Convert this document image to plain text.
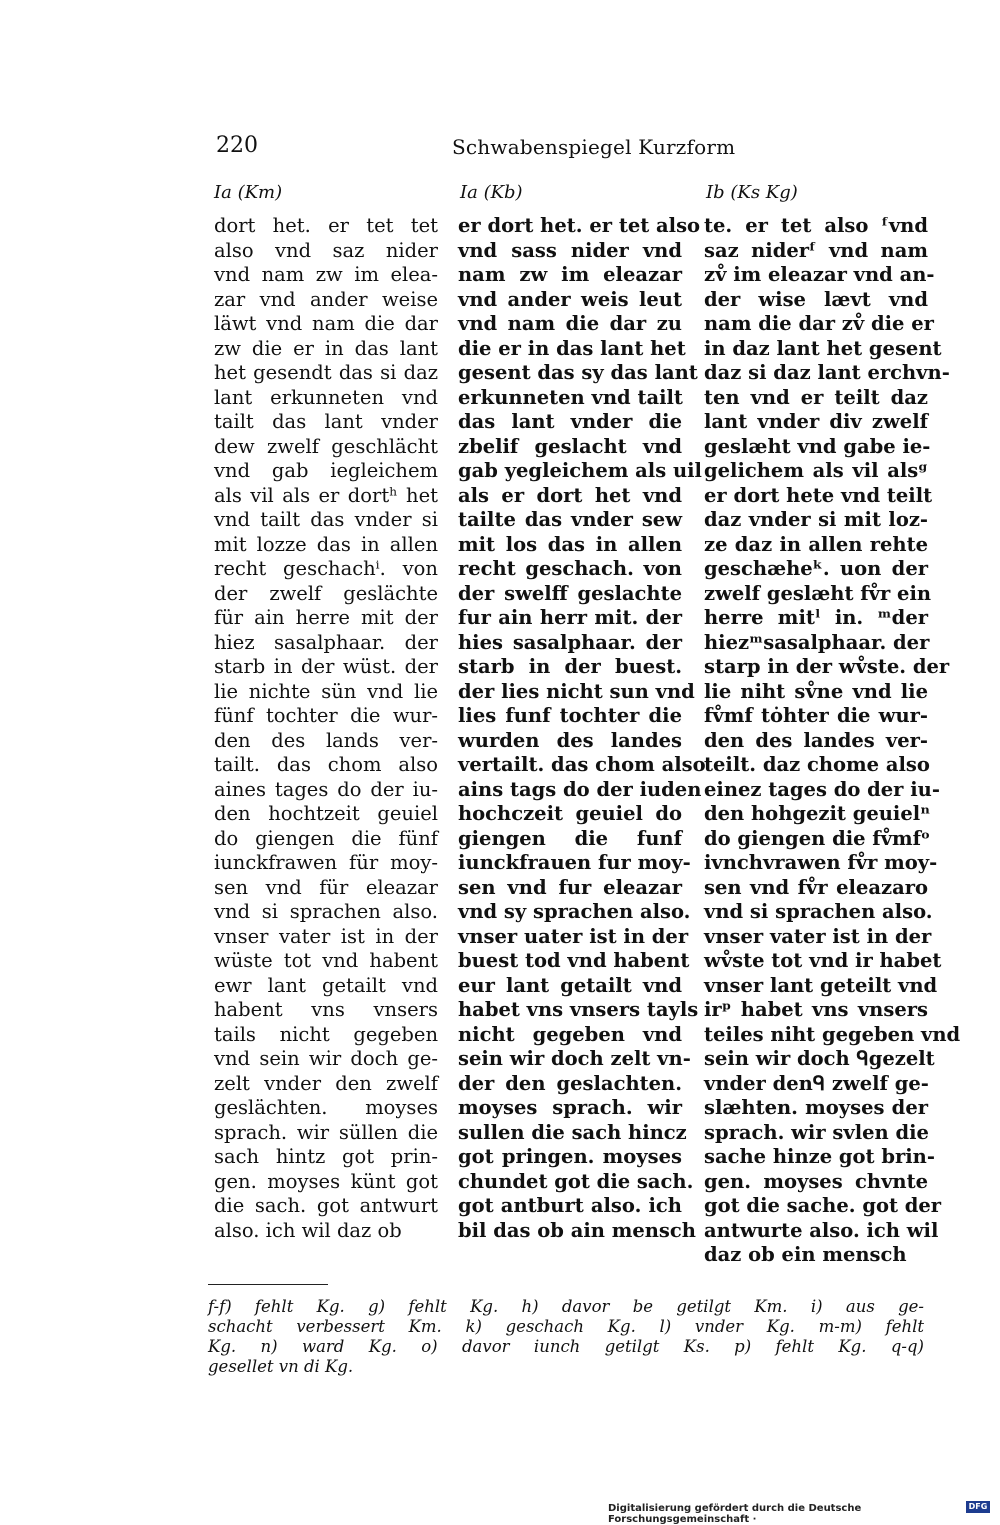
220	Schwabenspiegel Kurzform
Ia (Km)	Ia (Kb)	Ib (Ks Kg)
dort het. er tet tet
also vnd saz nider
vnd nam zw im elea-
zar vnd ander weise
läwt vnd nam die dar
zw die er in das lant
het gesendt das si daz
lant erkunneten vnd
tailt das lant vnder
dew zwelf geschlächt
vnd gab iegleichem
als vil als er dortʰ het
vnd tailt das vnder si
mit lozze das in allen
recht geschachⁱ. von
der zwelf geslächte
für ain herre mit der
hiez sasalphaar. der
starb in der wüst. der
lie nichte sün vnd lie
fünf tochter die wur-
den des lands ver-
tailt. das chom also
aines tages do der iu-
den hochtzeit geuiel
do giengen die fünf
iunckfrawen für moy-
sen vnd für eleazar
vnd si sprachen also.
vnser vater ist in der
wüste tot vnd habent
ewr lant getailt vnd
habent vns vnsers
tails nicht gegeben
vnd sein wir doch ge-
zelt vnder den zwelf
geslächten. moyses
sprach. wir süllen die
sach hintz got prin-
gen. moyses künt got
die sach. got antwurt
also. ich wil daz ob
er dort het. er tet also
vnd sass nider vnd
nam zw im eleazar
vnd ander weis leut
vnd nam die dar zu
die er in das lant het
gesent das sy das lant
erkunneten vnd tailt
das lant vnder die
zbelif geslacht vnd
gab yegleichem als uil
als er dort het vnd
tailte das vnder sew
mit los das in allen
recht geschach. von
der swelff geslachte
fur ain herr mit. der
hies sasalphaar. der
starb in der buest.
der lies nicht sun vnd
lies funf tochter die
wurden des landes
vertailt. das chom also
ains tags do der iuden
hochczeit geuiel do
giengen die funf
iunckfrauen fur moy-
sen vnd fur eleazar
vnd sy sprachen also.
vnser uater ist in der
buest tod vnd habent
eur lant getailt vnd
habet vns vnsers tayls
nicht gegeben vnd
sein wir doch zelt vn-
der den geslachten.
moyses sprach. wir
sullen die sach hincz
got pringen. moyses
chundet got die sach.
got antburt also. ich
bil das ob ain mensch
te. er tet also ᶠvnd
saz niderᶠ vnd nam
zv̊ im eleazar vnd an-
der wise lævt vnd
nam die dar zv̊ die er
in daz lant het gesent
daz si daz lant erchvn-
ten vnd er teilt daz
lant vnder div zwelf
geslæht vnd gabe ie-
gelichem als vil alsᵍ
er dort hete vnd teilt
daz vnder si mit loz-
ze daz in allen rehte
geschæheᵏ. uon der
zwelf geslæht fv̊r ein
herre mitˡ in. ᵐder
hiezᵐsasalphaar. der
starp in der wv̊ste. der
lie niht sv̊ne vnd lie
fv̊mf tȯhter die wur-
den des landes ver-
teilt. daz chome also
einez tages do der iu-
den hohgezit geuielⁿ
do giengen die fv̊mfᵒ
ivnchvrawen fv̊r moy-
sen vnd fv̊r eleazaro
vnd si sprachen also.
vnser vater ist in der
wv̊ste tot vnd ir habet
vnser lant geteilt vnd
irᵖ habet vns vnsers
teiles niht gegeben vnd
sein wir doch ᑫgezelt
vnder denᑫ zwelf ge-
slæhten. moyses der
sprach. wir svlen die
sache hinze got brin-
gen. moyses chvnte
got die sache. got der
antwurte also. ich wil
daz ob ein mensch
f-f) fehlt Kg. g) fehlt Kg. h) davor be getilgt Km. i) aus ge-
schacht verbessert Km. k) geschach Kg. l) vnder Kg. m-m) fehlt
Kg. n) ward Kg. o) davor iunch getilgt Ks. p) fehlt Kg. q-q)
gesellet vn di Kg.
Digitalisierung gefördert durch die Deutsche Forschungsgemeinschaft ·
DFG
